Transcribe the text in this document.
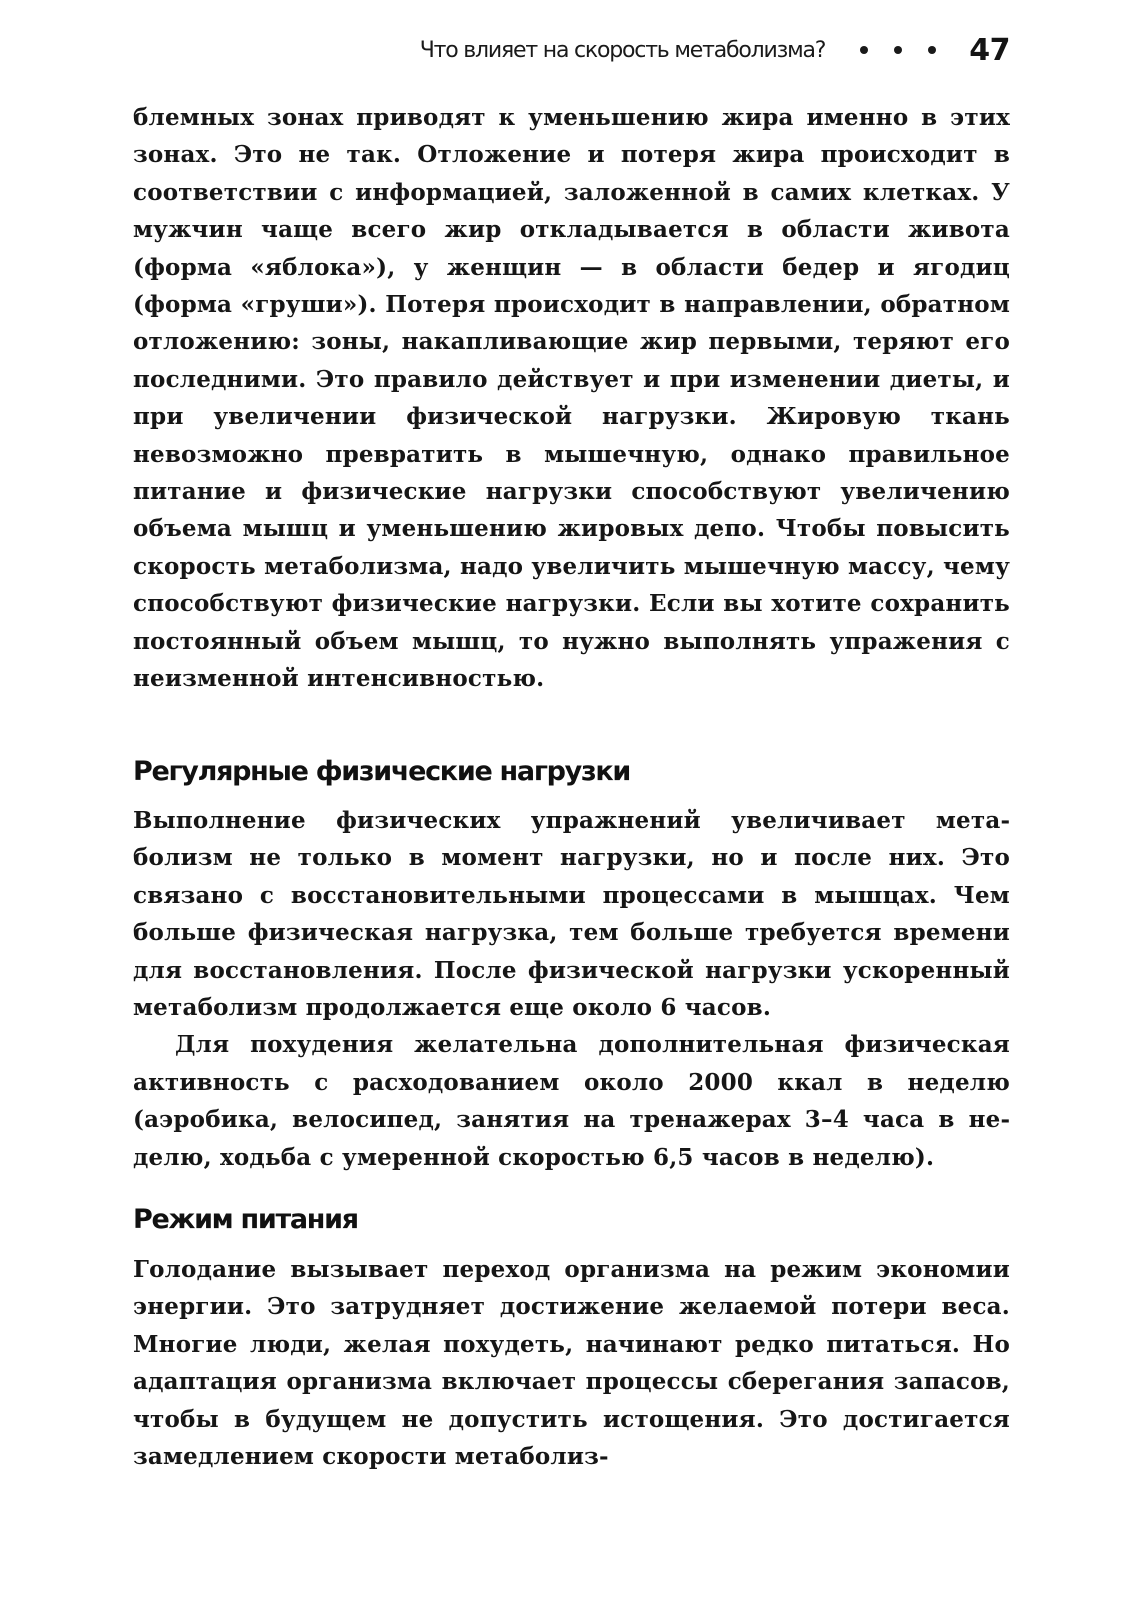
Что влияет на скорость метаболизма?	47

блемных зонах приводят к уменьшению жира именно в этих зонах. Это не так. Отложение и потеря жира происходит в соответствии с информацией, заложенной в самих клетках. У мужчин чаще всего жир откладывается в области живота (форма «яблока»), у женщин — в области бедер и ягодиц (форма «груши»). Потеря происходит в направлении, обратном отложению: зоны, накапливающие жир первыми, теряют его последними. Это правило действует и при изменении диеты, и при увеличении физической нагрузки. Жировую ткань невозможно превратить в мышечную, однако правильное питание и физические нагрузки способствуют увеличению объема мышц и уменьшению жировых депо. Чтобы повысить скорость метаболизма, надо увеличить мышечную массу, чему способствуют физические нагрузки. Если вы хотите сохранить постоянный объем мышц, то нужно выполнять упражения с неизменной интенсивностью.

Регулярные физические нагрузки

Выполнение физических упражнений увеличивает метаболизм не только в момент нагрузки, но и после них. Это связано с восстановительными процессами в мышцах. Чем больше физическая нагрузка, тем больше требуется времени для восстановления. После физической нагрузки ускоренный метаболизм продолжается еще около 6 часов.

Для похудения желательна дополнительная физическая активность с расходованием около 2000 ккал в неделю (аэробика, велосипед, занятия на тренажерах 3–4 часа в неделю, ходьба с умеренной скоростью 6,5 часов в неделю).

Режим питания

Голодание вызывает переход организма на режим экономии энергии. Это затрудняет достижение желаемой потери веса. Многие люди, желая похудеть, начинают редко питаться. Но адаптация организма включает процессы сберегания запасов, чтобы в будущем не допустить истощения. Это достигается замедлением скорости метаболиз-
